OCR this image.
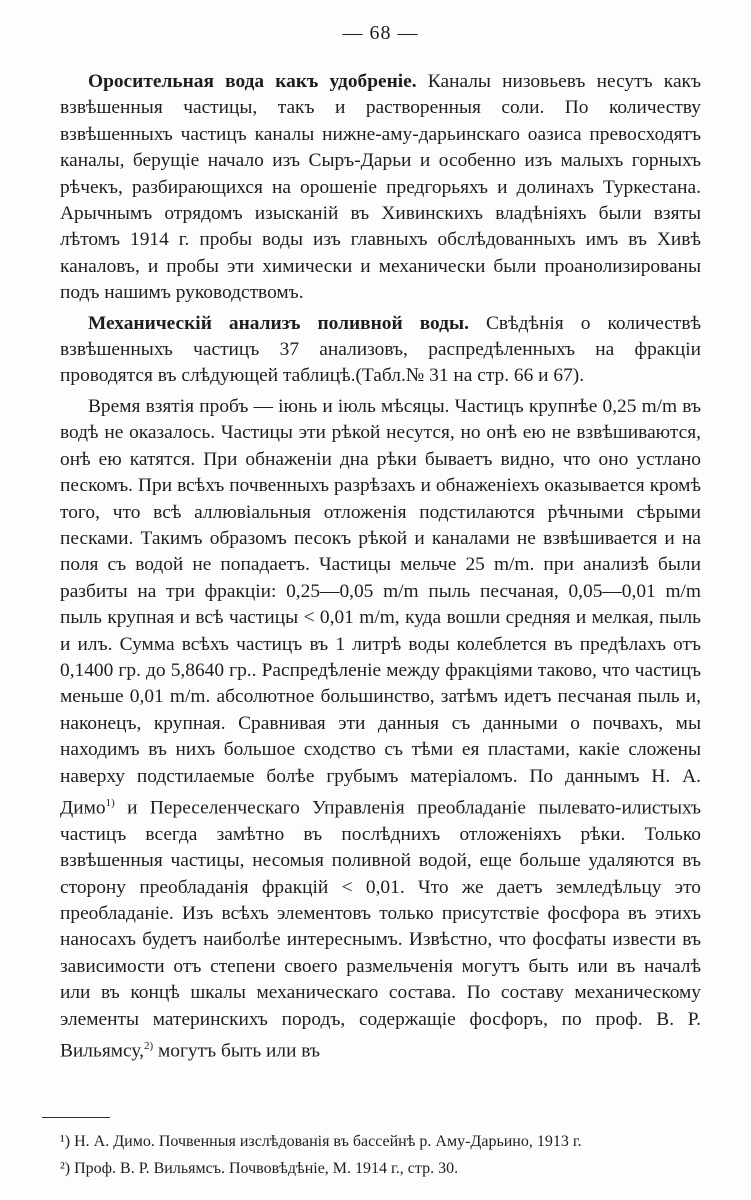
— 68 —

Оросительная вода какъ удобреніе. Каналы низовьевъ несутъ какъ взвѣшенныя частицы, такъ и растворенныя соли. По количеству взвѣшенныхъ частицъ каналы нижне-аму-дарьинскаго оазиса превосходятъ каналы, берущіе начало изъ Сыръ-Дарьи и особенно изъ малыхъ горныхъ рѣчекъ, разбирающихся на орошеніе предгорьяхъ и долинахъ Туркестана. Арычнымъ отрядомъ изысканій въ Хивинскихъ владѣніяхъ были взяты лѣтомъ 1914 г. пробы воды изъ главныхъ обслѣдованныхъ имъ въ Хивѣ каналовъ, и пробы эти химически и механически были проанолизированы подъ нашимъ руководствомъ.

Механическій анализъ поливной воды. Свѣдѣнія о количествѣ взвѣшенныхъ частицъ 37 анализовъ, распредѣленныхъ на фракціи проводятся въ слѣдующей таблицѣ.(Табл.№ 31 на стр. 66 и 67).

Время взятія пробъ — іюнь и іюль мѣсяцы. Частицъ крупнѣе 0,25 m/m въ водѣ не оказалось. Частицы эти рѣкой несутся, но онѣ ею не взвѣшиваются, онѣ ею катятся. При обнаженіи дна рѣки бываетъ видно, что оно устлано пескомъ. При всѣхъ почвенныхъ разрѣзахъ и обнаженіехъ оказывается кромѣ того, что всѣ аллювіальныя отложенія подстилаются рѣчными сѣрыми песками. Такимъ образомъ песокъ рѣкой и каналами не взвѣшивается и на поля съ водой не попадаетъ. Частицы мельче 25 m/m. при анализѣ были разбиты на три фракціи: 0,25—0,05 m/m пыль песчаная, 0,05—0,01 m/m пыль крупная и всѣ частицы < 0,01 m/m, куда вошли средняя и мелкая, пыль и илъ. Сумма всѣхъ частицъ въ 1 литрѣ воды колеблется въ предѣлахъ отъ 0,1400 гр. до 5,8640 гр.. Распредѣленіе между фракціями таково, что частицъ меньше 0,01 m/m. абсолютное большинство, затѣмъ идетъ песчаная пыль и, наконецъ, крупная. Сравнивая эти данныя съ данными о почвахъ, мы находимъ въ нихъ большое сходство съ тѣми ея пластами, какіе сложены наверху подстилаемые болѣе грубымъ матеріаломъ. По даннымъ Н. А. Димо$^{1)}$ и Переселенческаго Управленія преобладаніе пылевато-илистыхъ частицъ всегда замѣтно въ послѣднихъ отложеніяхъ рѣки. Только взвѣшенныя частицы, несомыя поливной водой, еще больше удаляются въ сторону преобладанія фракцій < 0,01. Что же даетъ земледѣльцу это преобладаніе. Изъ всѣхъ элементовъ только присутствіе фосфора въ этихъ наносахъ будетъ наиболѣе интереснымъ. Извѣстно, что фосфаты извести въ зависимости отъ степени своего размельченія могутъ быть или въ началѣ или въ концѣ шкалы механическаго состава. По составу механическому элементы материнскихъ породъ, содержащіе фосфоръ, по проф. В. Р. Вильямсу,$^{2)}$ могутъ быть или въ

¹) Н. А. Димо. Почвенныя изслѣдованія въ бассейнѣ р. Аму-Дарьино, 1913 г.
²) Проф. В. Р. Вильямсъ. Почвовѣдѣніе, М. 1914 г., стр. 30.
